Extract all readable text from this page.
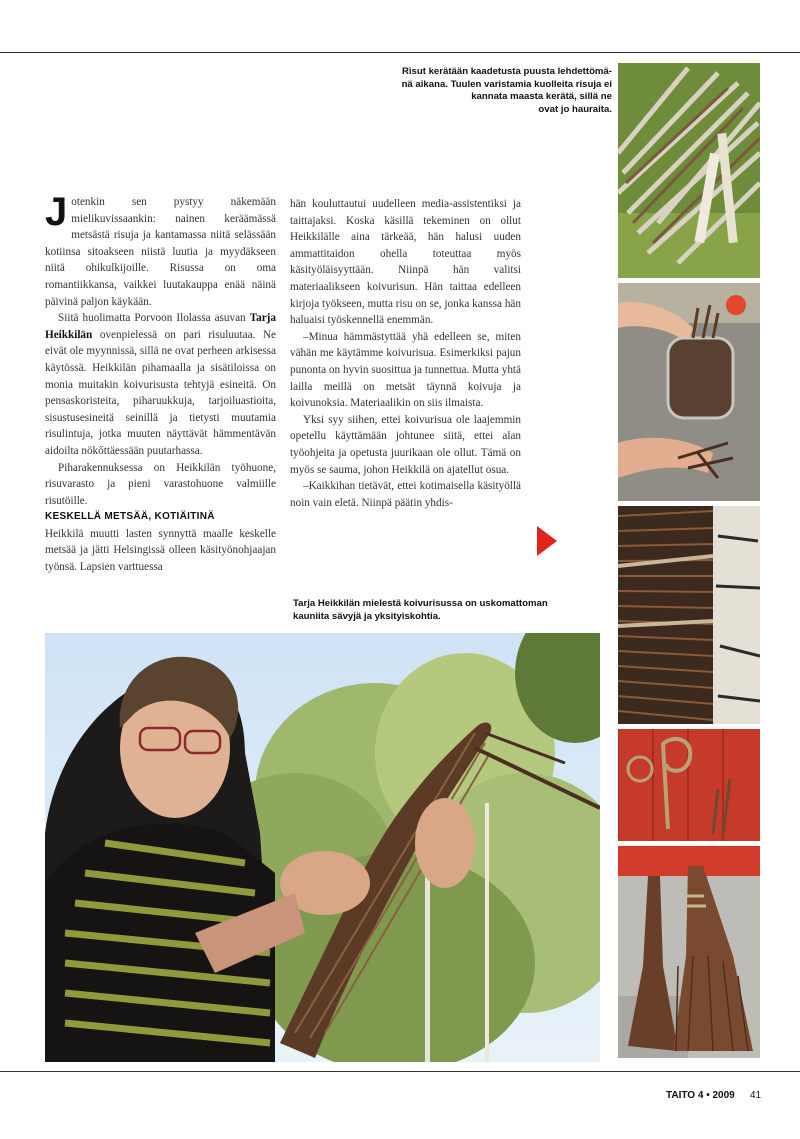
Risut kerätään kaadetusta puusta lehdettömä-
nä aikana. Tuulen varistamia kuolleita risuja ei
kannata maasta kerätä, sillä ne
ovat jo hauraita.

Jotenkin sen pystyy näkemään mielikuvissaankin: nainen keräämässä metsästä risuja ja kantamassa niitä selässään kotiinsa sitoakseen niistä luutia ja myydäkseen niitä ohikulkijoille. Risussa on oma romantiikkansa, vaikkei luutakauppa enää näinä päivinä paljon käykään.

Siitä huolimatta Porvoon Ilolassa asuvan Tarja Heikkilän ovenpielessä on pari risuluutaa. Ne eivät ole myynnissä, sillä ne ovat perheen arkisessa käytössä. Heikkilän pihamaalla ja sisätiloissa on monia muitakin koivurisusta tehtyjä esineitä. On pensaskoristeita, piharuukkuja, tarjoiluastioita, sisustusesineitä seinillä ja tietysti muutamia risulintuja, jotka muuten näyttävät hämmentävän aidoilta nökőttäessään puutarhassa.

Piharakennuksessa on Heikkilän työhuone, risuvarasto ja pieni varastohuone valmiille risutöille.

KESKELLÄ METSÄÄ, KOTIÄITINÄ

Heikkilä muutti lasten synnyttä maalle keskelle metsää ja jätti Helsingissä olleen käsityönohjaajan työnsä. Lapsien varttuessa

hän kouluttautui uudelleen media-assistentiksi ja taittajaksi. Koska käsillä tekeminen on ollut Heikkilälle aina tärkeää, hän halusi uuden ammattitaidon ohella toteuttaa myös käsityöläisyyttään. Niinpä hän valitsi materiaalikseen koivurisun. Hän taittaa edelleen kirjoja työkseen, mutta risu on se, jonka kanssa hän haluaisi työskennellä enemmän.

–Minua hämmästyttää yhä edelleen se, miten vähän me käytämme koivurisua. Esimerkiksi pajun punonta on hyvin suosittua ja tunnettua. Mutta yhtä lailla meillä on metsät täynnä koivuja ja koivunoksia. Materiaalikin on siis ilmaista.

Yksi syy siihen, ettei koivurisua ole laajemmin opetellu käyttämään johtunee siitä, ettei alan työohjeita ja opetusta juurikaan ole ollut. Tämä on myös se sauma, johon Heikkilä on ajatellut osua.

–Kaikkihan tietävät, ettei kotimaisella käsityöllä noin vain eletä. Niinpä päätin yhdis-

Tarja Heikkilän mielestä koivurisussa on uskomattoman
kauniita sävyjä ja yksityiskohtia.
TAITO 4 • 2009 41
